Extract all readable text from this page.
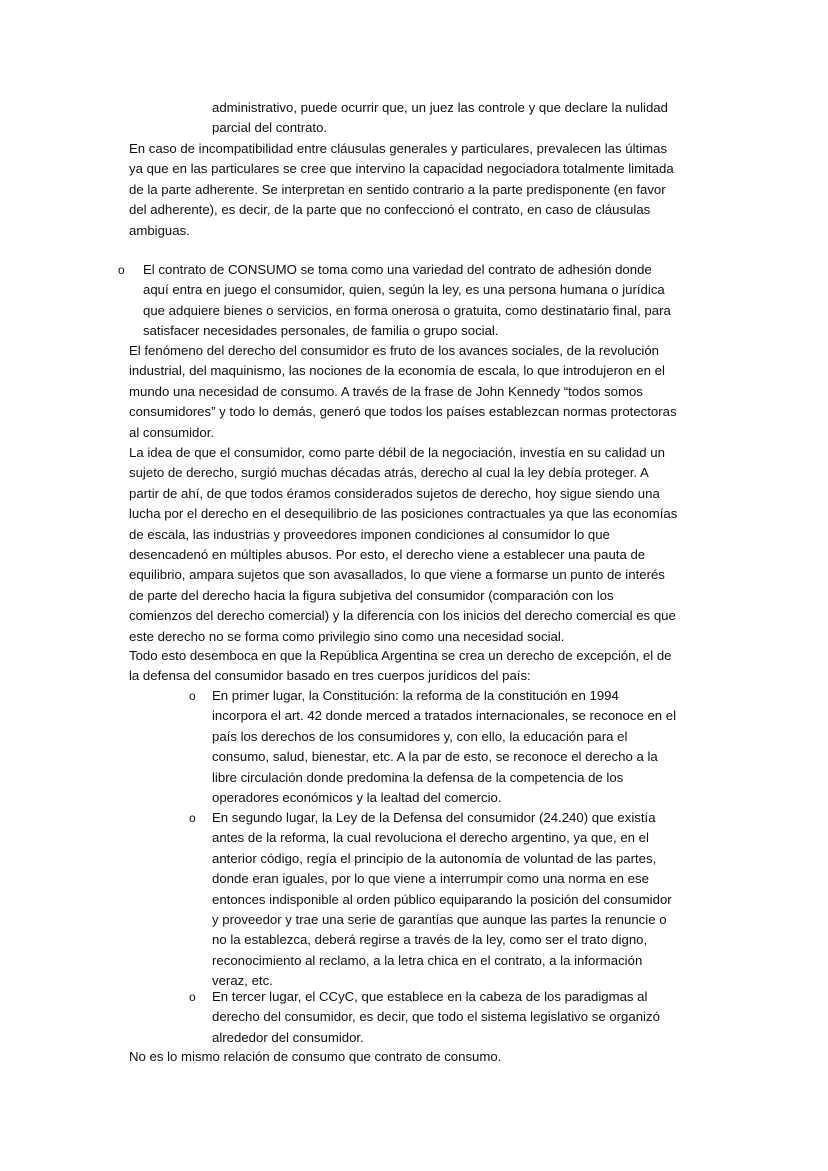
administrativo, puede ocurrir que, un juez las controle y que declare la nulidad
parcial del contrato.
En caso de incompatibilidad entre cláusulas generales y particulares, prevalecen las últimas
ya que en las particulares se cree que intervino la capacidad negociadora totalmente limitada
de la parte adherente. Se interpretan en sentido contrario a la parte predisponente (en favor
del adherente), es decir, de la parte que no confeccionó el contrato, en caso de cláusulas
ambiguas.
o El contrato de CONSUMO se toma como una variedad del contrato de adhesión donde
aquí entra en juego el consumidor, quien, según la ley, es una persona humana o jurídica
que adquiere bienes o servicios, en forma onerosa o gratuita, como destinatario final, para
satisfacer necesidades personales, de familia o grupo social.
El fenómeno del derecho del consumidor es fruto de los avances sociales, de la revolución
industrial, del maquinismo, las nociones de la economía de escala, lo que introdujeron en el
mundo una necesidad de consumo. A través de la frase de John Kennedy “todos somos
consumidores” y todo lo demás, generó que todos los países establezcan normas protectoras
al consumidor.
La idea de que el consumidor, como parte débil de la negociación, investía en su calidad un
sujeto de derecho, surgió muchas décadas atrás, derecho al cual la ley debía proteger. A
partir de ahí, de que todos éramos considerados sujetos de derecho, hoy sigue siendo una
lucha por el derecho en el desequilibrio de las posiciones contractuales ya que las economías
de escala, las industrias y proveedores imponen condiciones al consumidor lo que
desencadenó en múltiples abusos. Por esto, el derecho viene a establecer una pauta de
equilibrio, ampara sujetos que son avasallados, lo que viene a formarse un punto de interés
de parte del derecho hacia la figura subjetiva del consumidor (comparación con los
comienzos del derecho comercial) y la diferencia con los inicios del derecho comercial es que
este derecho no se forma como privilegio sino como una necesidad social.
Todo esto desemboca en que la República Argentina se crea un derecho de excepción, el de
la defensa del consumidor basado en tres cuerpos jurídicos del país:
o En primer lugar, la Constitución: la reforma de la constitución en 1994
incorpora el art. 42 donde merced a tratados internacionales, se reconoce en el
país los derechos de los consumidores y, con ello, la educación para el
consumo, salud, bienestar, etc. A la par de esto, se reconoce el derecho a la
libre circulación donde predomina la defensa de la competencia de los
operadores económicos y la lealtad del comercio.
o En segundo lugar, la Ley de la Defensa del consumidor (24.240) que existía
antes de la reforma, la cual revoluciona el derecho argentino, ya que, en el
anterior código, regía el principio de la autonomía de voluntad de las partes,
donde eran iguales, por lo que viene a interrumpir como una norma en ese
entonces indisponible al orden público equiparando la posición del consumidor
y proveedor y trae una serie de garantías que aunque las partes la renuncie o
no la establezca, deberá regirse a través de la ley, como ser el trato digno,
reconocimiento al reclamo, a la letra chica en el contrato, a la información
veraz, etc.
o En tercer lugar, el CCyC, que establece en la cabeza de los paradigmas al
derecho del consumidor, es decir, que todo el sistema legislativo se organizó
alrededor del consumidor.
No es lo mismo relación de consumo que contrato de consumo.
